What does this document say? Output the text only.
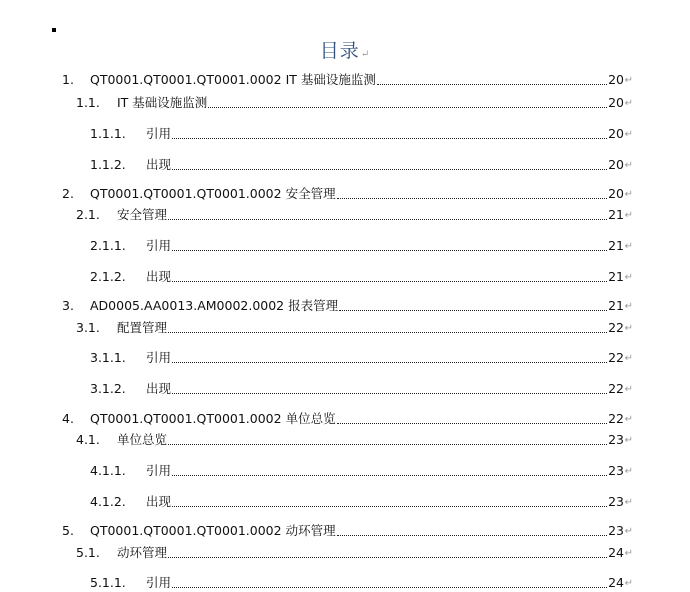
目录↵
1.	QT0001.QT0001.QT0001.0002 IT 基础设施监测	20 ↵
1.1.	IT 基础设施监测	20 ↵
1.1.1.	引用	20 ↵
1.1.2.	出现	20 ↵
2.	QT0001.QT0001.QT0001.0002 安全管理	20 ↵
2.1.	安全管理	21 ↵
2.1.1.	引用	21 ↵
2.1.2.	出现	21 ↵
3.	AD0005.AA0013.AM0002.0002 报表管理	21 ↵
3.1.	配置管理	22 ↵
3.1.1.	引用	22 ↵
3.1.2.	出现	22 ↵
4.	QT0001.QT0001.QT0001.0002 单位总览	22 ↵
4.1.	单位总览	23 ↵
4.1.1.	引用	23 ↵
4.1.2.	出现	23 ↵
5.	QT0001.QT0001.QT0001.0002 动环管理	23 ↵
5.1.	动环管理	24 ↵
5.1.1.	引用	24 ↵
